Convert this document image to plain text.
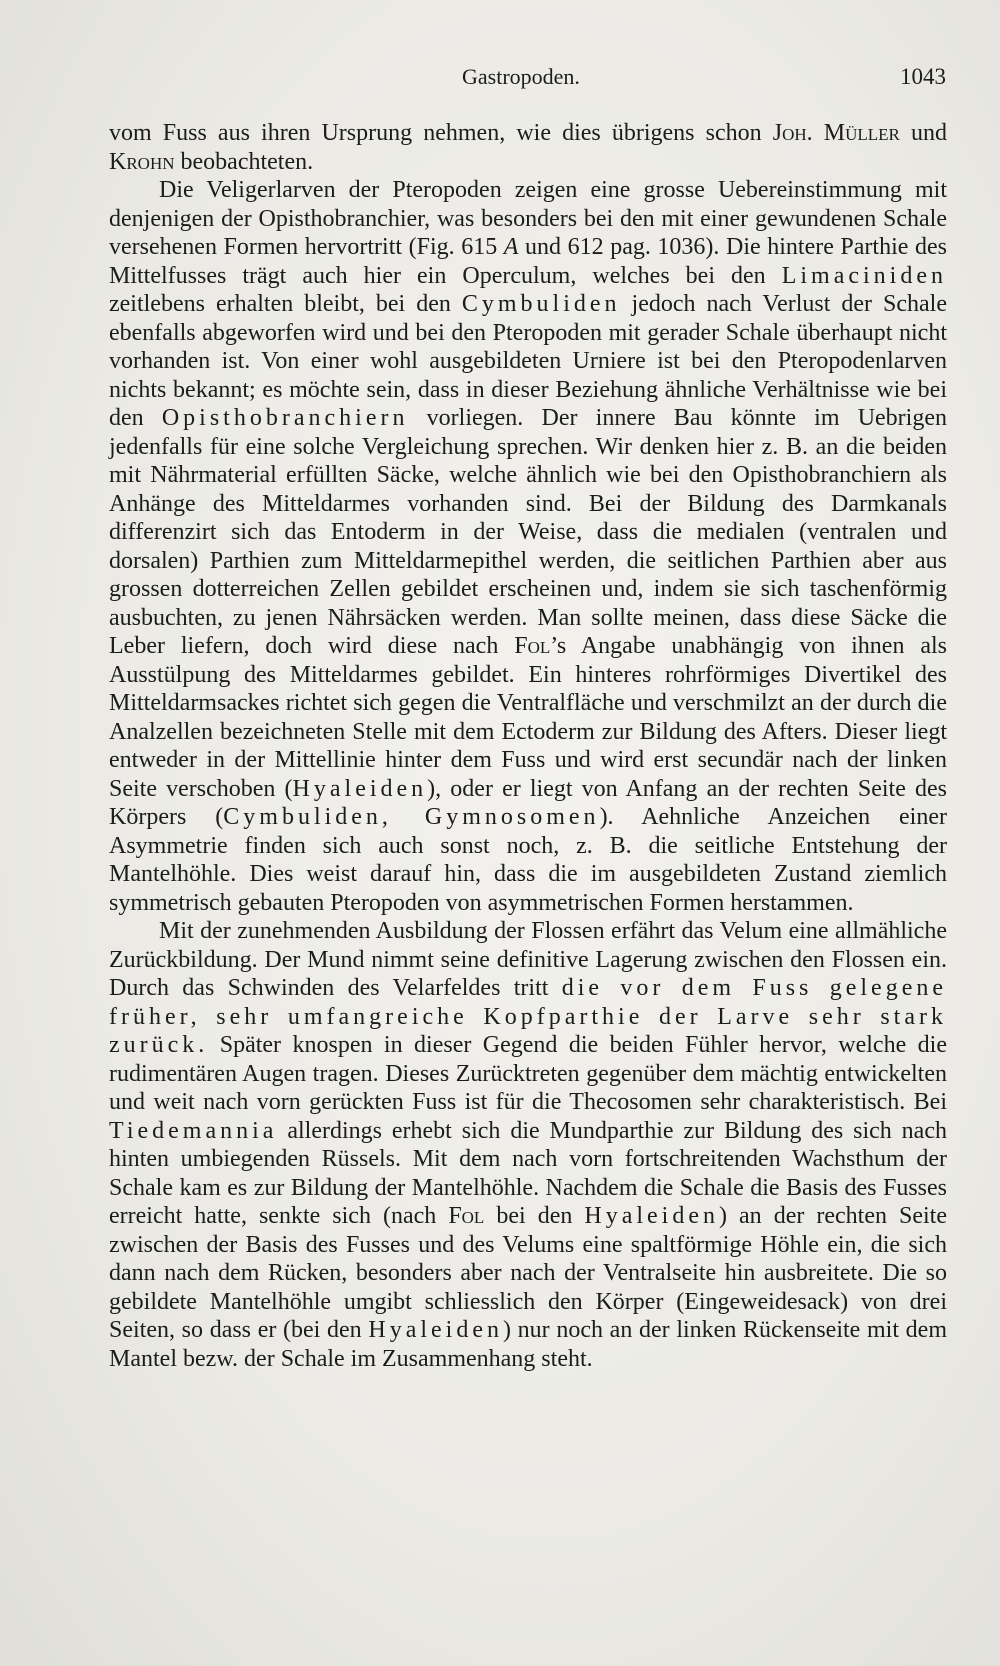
Gastropoden.	1043

vom Fuss aus ihren Ursprung nehmen, wie dies übrigens schon Joh. Müller und Krohn beobachteten.

Die Veligerlarven der Pteropoden zeigen eine grosse Uebereinstimmung mit denjenigen der Opisthobranchier, was besonders bei den mit einer gewundenen Schale versehenen Formen hervortritt (Fig. 615 A und 612 pag. 1036). Die hintere Parthie des Mittelfusses trägt auch hier ein Operculum, welches bei den Limaciniden zeitlebens erhalten bleibt, bei den Cymbuliden jedoch nach Verlust der Schale ebenfalls abgeworfen wird und bei den Pteropoden mit gerader Schale überhaupt nicht vorhanden ist. Von einer wohl ausgebildeten Urniere ist bei den Pteropodenlarven nichts bekannt; es möchte sein, dass in dieser Beziehung ähnliche Verhältnisse wie bei den Opisthobranchiern vorliegen. Der innere Bau könnte im Uebrigen jedenfalls für eine solche Vergleichung sprechen. Wir denken hier z. B. an die beiden mit Nährmaterial erfüllten Säcke, welche ähnlich wie bei den Opisthobranchiern als Anhänge des Mitteldarmes vorhanden sind. Bei der Bildung des Darmkanals differenzirt sich das Entoderm in der Weise, dass die medialen (ventralen und dorsalen) Parthien zum Mitteldarmepithel werden, die seitlichen Parthien aber aus grossen dotterreichen Zellen gebildet erscheinen und, indem sie sich taschenförmig ausbuchten, zu jenen Nährsäcken werden. Man sollte meinen, dass diese Säcke die Leber liefern, doch wird diese nach Fol’s Angabe unabhängig von ihnen als Ausstülpung des Mitteldarmes gebildet. Ein hinteres rohrförmiges Divertikel des Mitteldarmsackes richtet sich gegen die Ventralfläche und verschmilzt an der durch die Analzellen bezeichneten Stelle mit dem Ectoderm zur Bildung des Afters. Dieser liegt entweder in der Mittellinie hinter dem Fuss und wird erst secundär nach der linken Seite verschoben (Hyaleiden), oder er liegt von Anfang an der rechten Seite des Körpers (Cymbuliden, Gymnosomen). Aehnliche Anzeichen einer Asymmetrie finden sich auch sonst noch, z. B. die seitliche Entstehung der Mantelhöhle. Dies weist darauf hin, dass die im ausgebildeten Zustand ziemlich symmetrisch gebauten Pteropoden von asymmetrischen Formen herstammen.

Mit der zunehmenden Ausbildung der Flossen erfährt das Velum eine allmähliche Zurückbildung. Der Mund nimmt seine definitive Lagerung zwischen den Flossen ein. Durch das Schwinden des Velarfeldes tritt die vor dem Fuss gelegene früher, sehr umfangreiche Kopfparthie der Larve sehr stark zurück. Später knospen in dieser Gegend die beiden Fühler hervor, welche die rudimentären Augen tragen. Dieses Zurücktreten gegenüber dem mächtig entwickelten und weit nach vorn gerückten Fuss ist für die Thecosomen sehr charakteristisch. Bei Tiedemannia allerdings erhebt sich die Mundparthie zur Bildung des sich nach hinten umbiegenden Rüssels. Mit dem nach vorn fortschreitenden Wachsthum der Schale kam es zur Bildung der Mantelhöhle. Nachdem die Schale die Basis des Fusses erreicht hatte, senkte sich (nach Fol bei den Hyaleiden) an der rechten Seite zwischen der Basis des Fusses und des Velums eine spaltförmige Höhle ein, die sich dann nach dem Rücken, besonders aber nach der Ventralseite hin ausbreitete. Die so gebildete Mantelhöhle umgibt schliesslich den Körper (Eingeweidesack) von drei Seiten, so dass er (bei den Hyaleiden) nur noch an der linken Rückenseite mit dem Mantel bezw. der Schale im Zusammenhang steht.
